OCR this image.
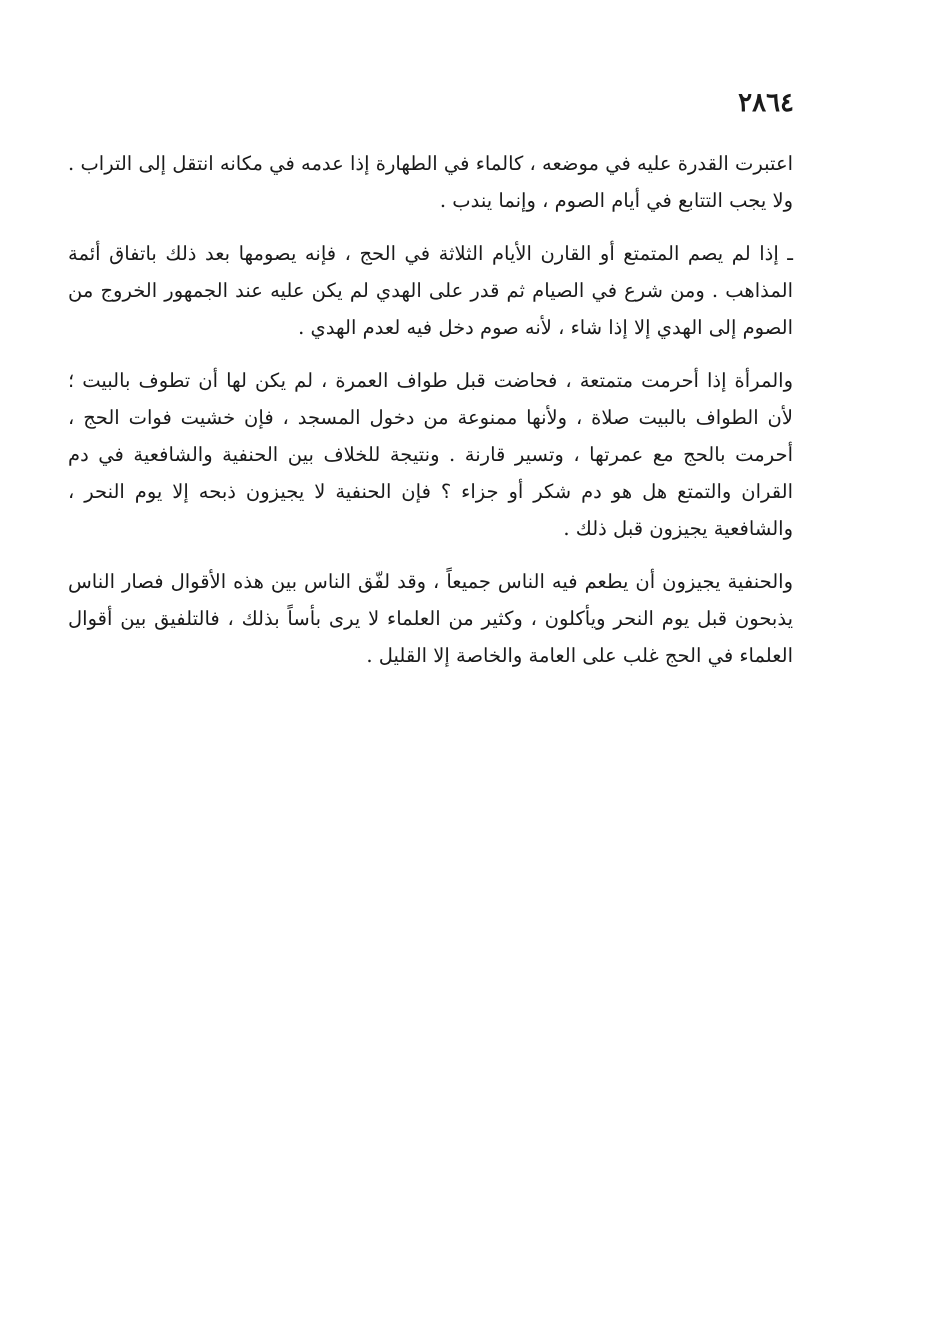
٢٨٦٤

اعتبرت القدرة عليه في موضعه ، كالماء في الطهارة إذا عدمه في مكانه انتقل إلى التراب . ولا يجب التتابع في أيام الصوم ، وإنما يندب .

ـ إذا لم يصم المتمتع أو القارن الأيام الثلاثة في الحج ، فإنه يصومها بعد ذلك باتفاق أئمة المذاهب . ومن شرع في الصيام ثم قدر على الهدي لم يكن عليه عند الجمهور الخروج من الصوم إلى الهدي إلا إذا شاء ، لأنه صوم دخل فيه لعدم الهدي .

والمرأة إذا أحرمت متمتعة ، فحاضت قبل طواف العمرة ، لم يكن لها أن تطوف بالبيت ؛ لأن الطواف بالبيت صلاة ، ولأنها ممنوعة من دخول المسجد ، فإن خشيت فوات الحج ، أحرمت بالحج مع عمرتها ، وتسير قارنة . ونتيجة للخلاف بين الحنفية والشافعية في دم القران والتمتع هل هو دم شكر أو جزاء ؟ فإن الحنفية لا يجيزون ذبحه إلا يوم النحر ، والشافعية يجيزون قبل ذلك .

والحنفية يجيزون أن يطعم فيه الناس جميعاً ، وقد لفّق الناس بين هذه الأقوال فصار الناس يذبحون قبل يوم النحر ويأكلون ، وكثير من العلماء لا يرى بأساً بذلك ، فالتلفيق بين أقوال العلماء في الحج غلب على العامة والخاصة إلا القليل .
